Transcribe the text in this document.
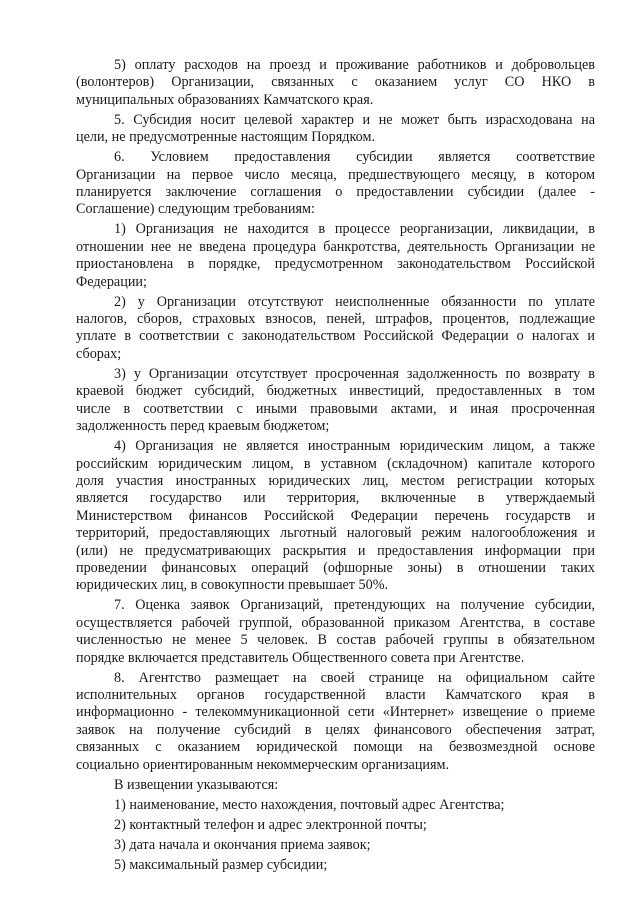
5) оплату расходов на проезд и проживание работников и добровольцев
(волонтеров) Организации, связанных с оказанием услуг СО НКО в
муниципальных образованиях Камчатского края.
5. Субсидия носит целевой характер и не может быть израсходована на
цели, не предусмотренные настоящим Порядком.
6. Условием предоставления субсидии является соответствие
Организации на первое число месяца, предшествующего месяцу, в котором
планируется заключение соглашения о предоставлении субсидии (далее -
Соглашение) следующим требованиям:
1) Организация не находится в процессе реорганизации, ликвидации, в
отношении нее не введена процедура банкротства, деятельность Организации не
приостановлена в порядке, предусмотренном законодательством Российской
Федерации;
2) у Организации отсутствуют неисполненные обязанности по уплате
налогов, сборов, страховых взносов, пеней, штрафов, процентов, подлежащие
уплате в соответствии с законодательством Российской Федерации о налогах и
сборах;
3) у Организации отсутствует просроченная задолженность по возврату в
краевой бюджет субсидий, бюджетных инвестиций, предоставленных в том
числе в соответствии с иными правовыми актами, и иная просроченная
задолженность перед краевым бюджетом;
4) Организация не является иностранным юридическим лицом, а также
российским юридическим лицом, в уставном (складочном) капитале которого
доля участия иностранных юридических лиц, местом регистрации которых
является государство или территория, включенные в утверждаемый
Министерством финансов Российской Федерации перечень государств и
территорий, предоставляющих льготный налоговый режим налогообложения и
(или) не предусматривающих раскрытия и предоставления информации при
проведении финансовых операций (офшорные зоны) в отношении таких
юридических лиц, в совокупности превышает 50%.
7. Оценка заявок Организаций, претендующих на получение субсидии,
осуществляется рабочей группой, образованной приказом Агентства, в составе
численностью не менее 5 человек. В состав рабочей группы в обязательном
порядке включается представитель Общественного совета при Агентстве.
8. Агентство размещает на своей странице на официальном сайте
исполнительных органов государственной власти Камчатского края в
информационно - телекоммуникационной сети «Интернет» извещение о приеме
заявок на получение субсидий в целях финансового обеспечения затрат,
связанных с оказанием юридической помощи на безвозмездной основе
социально ориентированным некоммерческим организациям.
В извещении указываются:
1) наименование, место нахождения, почтовый адрес Агентства;
2) контактный телефон и адрес электронной почты;
3) дата начала и окончания приема заявок;
5) максимальный размер субсидии;
